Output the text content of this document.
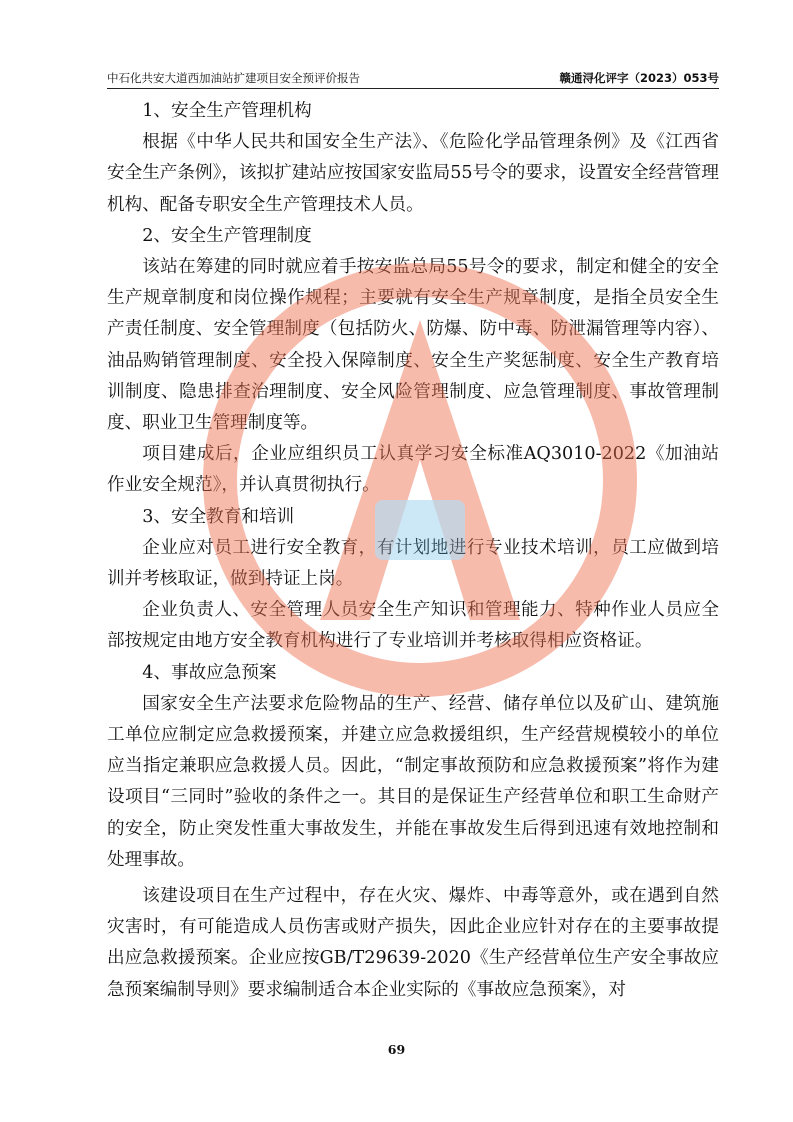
中石化共安大道西加油站扩建项目安全预评价报告	赣通浔化评字（2023）053号

1、安全生产管理机构

根据《中华人民共和国安全生产法》、《危险化学品管理条例》及《江西省安全生产条例》，该拟扩建站应按国家安监局55号令的要求，设置安全经营管理机构、配备专职安全生产管理技术人员。

2、安全生产管理制度

该站在筹建的同时就应着手按安监总局55号令的要求，制定和健全的安全生产规章制度和岗位操作规程；主要就有安全生产规章制度，是指全员安全生产责任制度、安全管理制度（包括防火、防爆、防中毒、防泄漏管理等内容）、油品购销管理制度、安全投入保障制度、安全生产奖惩制度、安全生产教育培训制度、隐患排查治理制度、安全风险管理制度、应急管理制度、事故管理制度、职业卫生管理制度等。

项目建成后，企业应组织员工认真学习安全标准AQ3010-2022《加油站作业安全规范》，并认真贯彻执行。

3、安全教育和培训

企业应对员工进行安全教育，有计划地进行专业技术培训，员工应做到培训并考核取证，做到持证上岗。

企业负责人、安全管理人员安全生产知识和管理能力、特种作业人员应全部按规定由地方安全教育机构进行了专业培训并考核取得相应资格证。

4、事故应急预案

国家安全生产法要求危险物品的生产、经营、储存单位以及矿山、建筑施工单位应制定应急救援预案，并建立应急救援组织，生产经营规模较小的单位应当指定兼职应急救援人员。因此，“制定事故预防和应急救援预案”将作为建设项目“三同时”验收的条件之一。其目的是保证生产经营单位和职工生命财产的安全，防止突发性重大事故发生，并能在事故发生后得到迅速有效地控制和处理事故。

该建设项目在生产过程中，存在火灾、爆炸、中毒等意外，或在遇到自然灾害时，有可能造成人员伤害或财产损失，因此企业应针对存在的主要事故提出应急救援预案。企业应按GB/T29639-2020《生产经营单位生产安全事故应急预案编制导则》要求编制适合本企业实际的《事故应急预案》，对

69
